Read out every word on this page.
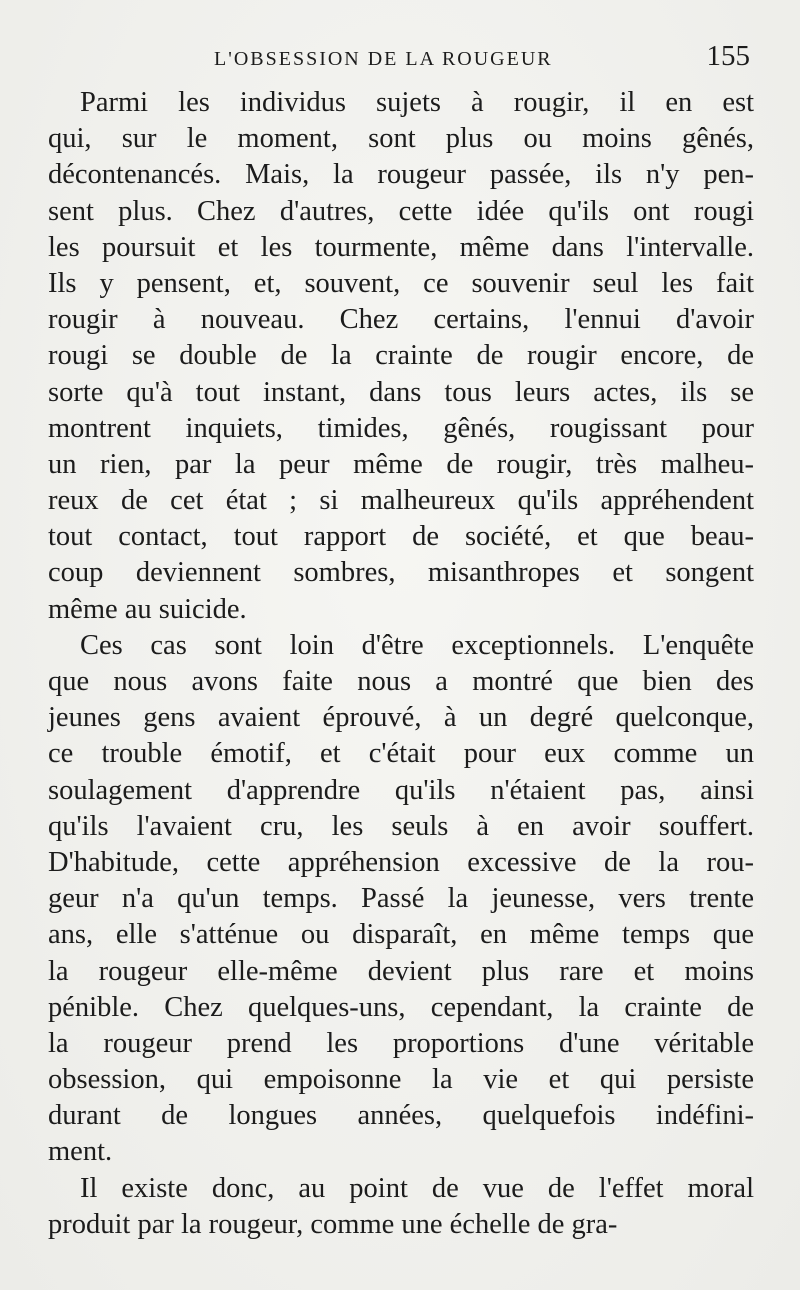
L'OBSESSION DE LA ROUGEUR	155
Parmi les individus sujets à rougir, il en est
qui, sur le moment, sont plus ou moins gênés,
décontenancés. Mais, la rougeur passée, ils n'y pen-
sent plus. Chez d'autres, cette idée qu'ils ont rougi
les poursuit et les tourmente, même dans l'intervalle.
Ils y pensent, et, souvent, ce souvenir seul les fait
rougir à nouveau. Chez certains, l'ennui d'avoir
rougi se double de la crainte de rougir encore, de
sorte qu'à tout instant, dans tous leurs actes, ils se
montrent inquiets, timides, gênés, rougissant pour
un rien, par la peur même de rougir, très malheu-
reux de cet état ; si malheureux qu'ils appréhendent
tout contact, tout rapport de société, et que beau-
coup deviennent sombres, misanthropes et songent
même au suicide.
Ces cas sont loin d'être exceptionnels. L'enquête
que nous avons faite nous a montré que bien des
jeunes gens avaient éprouvé, à un degré quelconque,
ce trouble émotif, et c'était pour eux comme un
soulagement d'apprendre qu'ils n'étaient pas, ainsi
qu'ils l'avaient cru, les seuls à en avoir souffert.
D'habitude, cette appréhension excessive de la rou-
geur n'a qu'un temps. Passé la jeunesse, vers trente
ans, elle s'atténue ou disparaît, en même temps que
la rougeur elle-même devient plus rare et moins
pénible. Chez quelques-uns, cependant, la crainte de
la rougeur prend les proportions d'une véritable
obsession, qui empoisonne la vie et qui persiste
durant de longues années, quelquefois indéfini-
ment.
Il existe donc, au point de vue de l'effet moral
produit par la rougeur, comme une échelle de gra-
